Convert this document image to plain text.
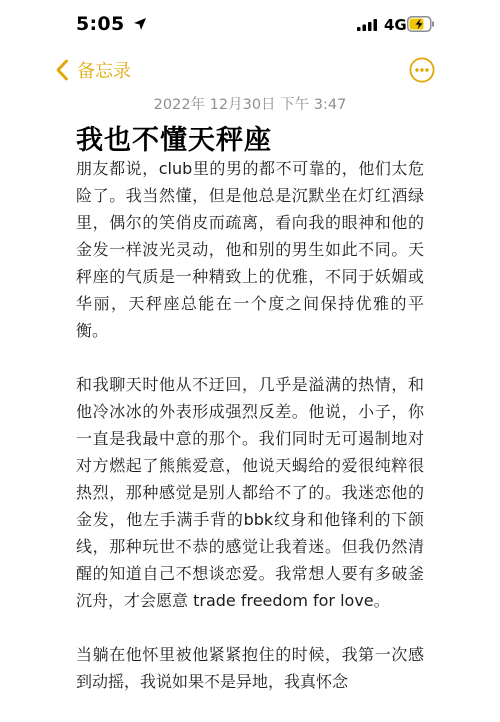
5:05	4G
备忘录
2022年 12月30日 下午 3:47
我也不懂天秤座

朋友都说，club里的男的都不可靠的，他们太危险了。我当然懂，但是他总是沉默坐在灯红酒绿里，偶尔的笑俏皮而疏离，看向我的眼神和他的金发一样波光灵动，他和别的男生如此不同。天秤座的气质是一种精致上的优雅，不同于妖媚或华丽，天秤座总能在一个度之间保持优雅的平衡。

和我聊天时他从不迂回，几乎是溢满的热情，和他冷冰冰的外表形成强烈反差。他说，小子，你一直是我最中意的那个。我们同时无可遏制地对对方燃起了熊熊爱意，他说天蝎给的爱很纯粹很热烈，那种感觉是别人都给不了的。我迷恋他的金发，他左手满手背的bbk纹身和他锋利的下颌线，那种玩世不恭的感觉让我着迷。但我仍然清醒的知道自己不想谈恋爱。我常想人要有多破釜沉舟，才会愿意 trade freedom for love。

当躺在他怀里被他紧紧抱住的时候，我第一次感到动摇，我说如果不是异地，我真怀念
